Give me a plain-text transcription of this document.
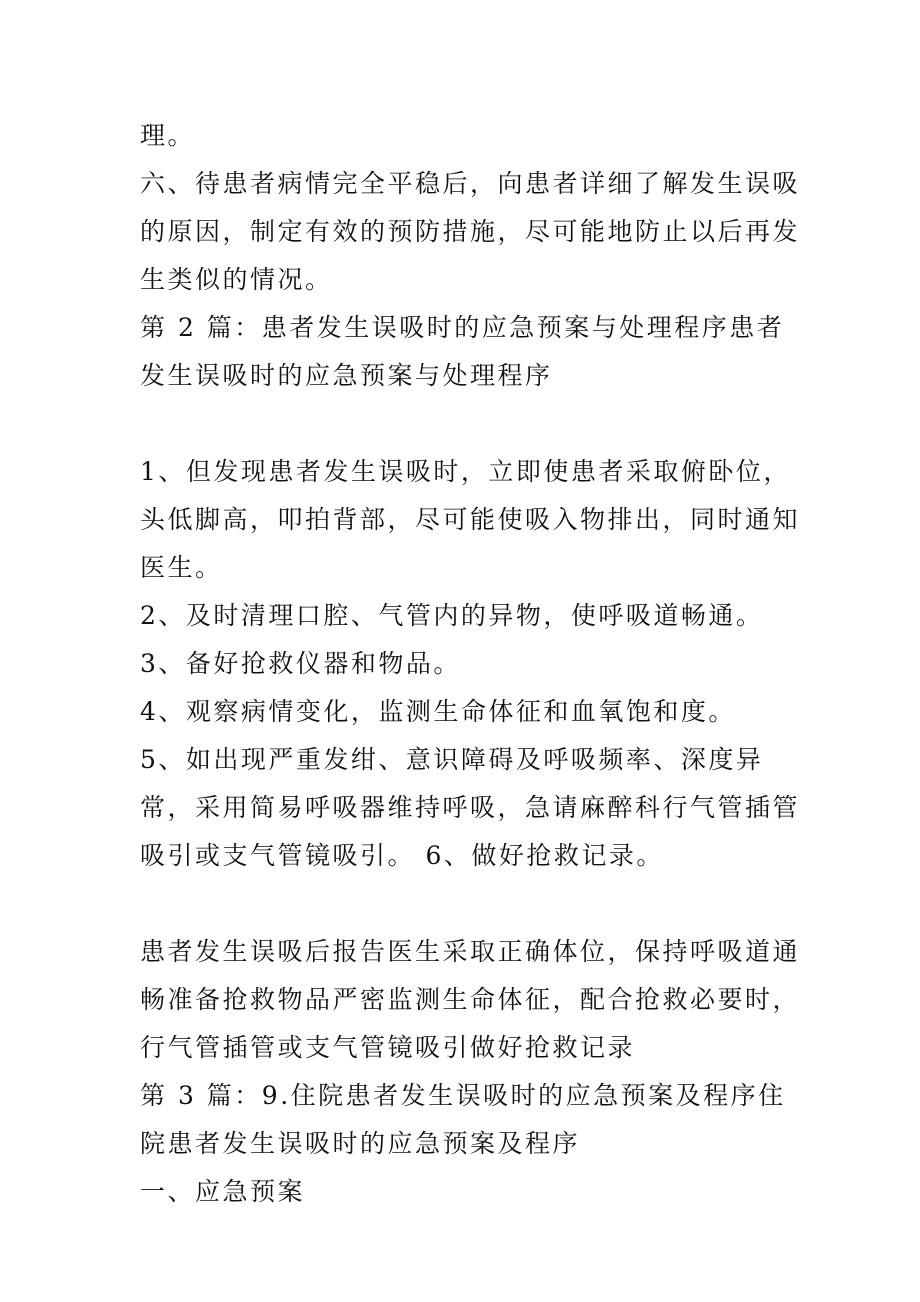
理。

六、待患者病情完全平稳后，向患者详细了解发生误吸的原因，制定有效的预防措施，尽可能地防止以后再发生类似的情况。

第 2 篇：患者发生误吸时的应急预案与处理程序患者发生误吸时的应急预案与处理程序

1、但发现患者发生误吸时，立即使患者采取俯卧位，头低脚高，叩拍背部，尽可能使吸入物排出，同时通知医生。

2、及时清理口腔、气管内的异物，使呼吸道畅通。 3、备好抢救仪器和物品。

4、观察病情变化，监测生命体征和血氧饱和度。

5、如出现严重发绀、意识障碍及呼吸频率、深度异常，采用简易呼吸器维持呼吸，急请麻醉科行气管插管吸引或支气管镜吸引。 6、做好抢救记录。

患者发生误吸后报告医生采取正确体位，保持呼吸道通畅准备抢救物品严密监测生命体征，配合抢救必要时，行气管插管或支气管镜吸引做好抢救记录

第 3 篇：9.住院患者发生误吸时的应急预案及程序住院患者发生误吸时的应急预案及程序

一、应急预案
